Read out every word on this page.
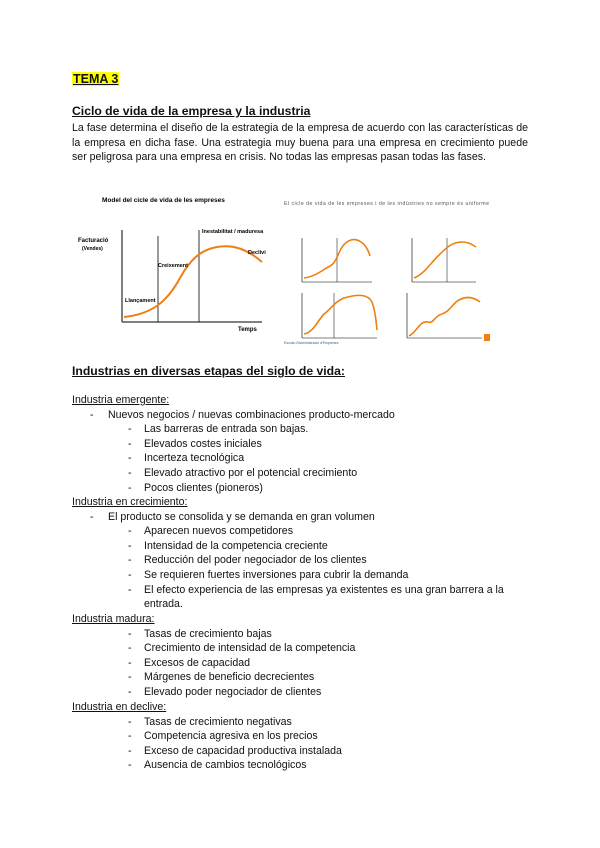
TEMA 3
Ciclo de vida de la empresa y la industria
La fase determina el diseño de la estrategia de la empresa de acuerdo con las características de la empresa en dicha fase. Una estrategia muy buena para una empresa en crecimiento puede ser peligrosa para una empresa en crisis. No todas las empresas pasan todas las fases.
Model del cicle de vida de les empreses
Facturació
(Vendes)
Temps
Llançament
Creixement
Inestabilitat / maduresa
Declivi
El cicle de vida de les empreses i de les indústries no sempre és uniforme
Escola d'Administració d'Empreses
Industrias en diversas etapas del siglo de vida:
Industria emergente:
-	Nuevos negocios / nuevas combinaciones producto-mercado
-	Las barreras de entrada son bajas.
-	Elevados costes iniciales
-	Incerteza tecnológica
-	Elevado atractivo por el potencial crecimiento
-	Pocos clientes (pioneros)
Industria en crecimiento:
-	El producto se consolida y se demanda en gran volumen
-	Aparecen nuevos competidores
-	Intensidad de la competencia creciente
-	Reducción del poder negociador de los clientes
-	Se requieren fuertes inversiones para cubrir la demanda
-	El efecto experiencia de las empresas ya existentes es una gran barrera a la entrada.
Industria madura:
-	Tasas de crecimiento bajas
-	Crecimiento de intensidad de la competencia
-	Excesos de capacidad
-	Márgenes de beneficio decrecientes
-	Elevado poder negociador de clientes
Industria en declive:
-	Tasas de crecimiento negativas
-	Competencia agresiva en los precios
-	Exceso de capacidad productiva instalada
-	Ausencia de cambios tecnológicos
